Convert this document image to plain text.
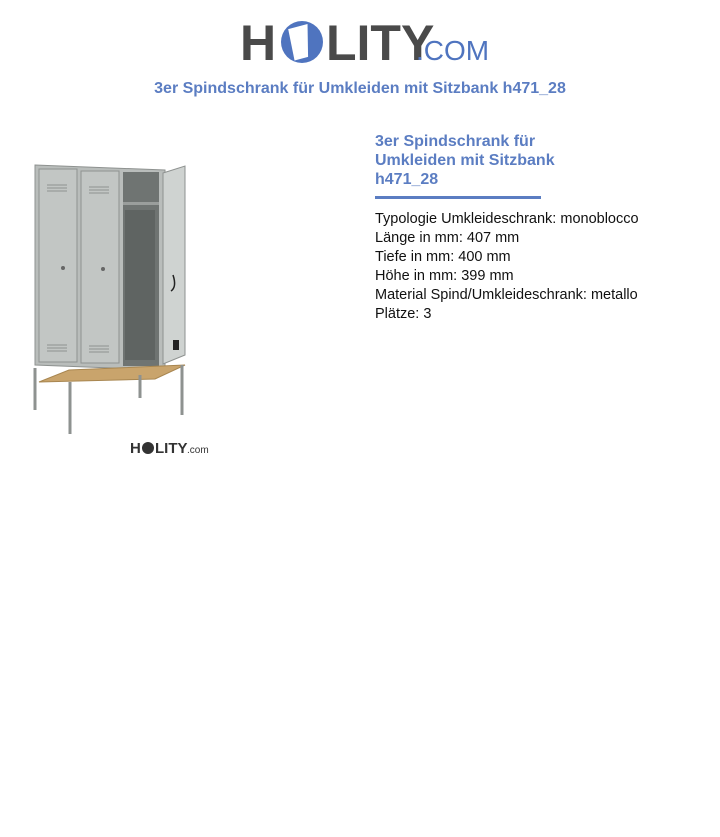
H LITY
.COM
3er Spindschrank für Umkleiden mit Sitzbank h471_28
H LITY .com
3er Spindschrank für
Umkleiden mit Sitzbank
h471_28
Typologie Umkleideschrank: monoblocco
Länge in mm: 407 mm
Tiefe in mm: 400 mm
Höhe in mm: 399 mm
Material Spind/Umkleideschrank: metallo
Plätze: 3
